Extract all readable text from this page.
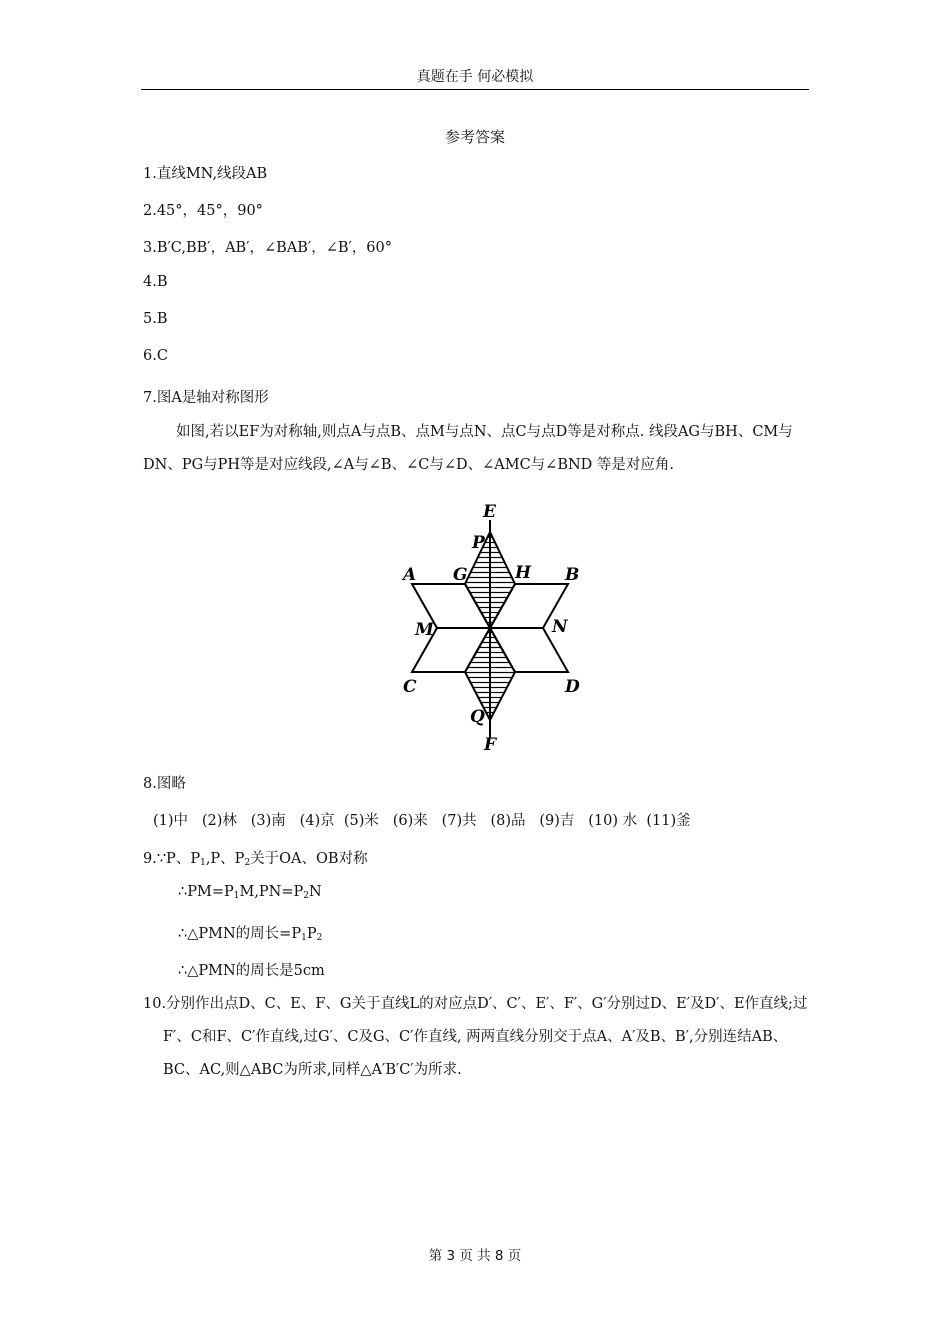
真题在手 何必模拟
参考答案
1.直线MN,线段AB
2.45°，45°，90°
3.B′C,BB′，AB′，∠BAB′，∠B′，60°
4.B
5.B
6.C
7.图A是轴对称图形
如图,若以EF为对称轴,则点A与点B、点M与点N、点C与点D等是对称点. 线段AG与BH、CM与DN、PG与PH等是对应线段,∠A与∠B、∠C与∠D、∠AMC与∠BND 等是对应角.
E
P
G	H
A	B
M	N
C	D
Q
F
8.图略
(1)中 (2)林 (3)南 (4)京 (5)米 (6)来 (7)共 (8)品 (9)吉 (10) 水 (11)釜
9.∵P、$P_1,P$、$P_2$关于OA、OB对称
$\therefore PM=P_1M,PN=P_2N$
∴△PMN的周长$=P_1P_2$
∴△PMN的周长是5cm
10.分别作出点D、C、E、F、G关于直线L的对应点D′、C′、E′、F′、G′分别过D、E′及D′、E作直线;过F′、C和F、C′作直线,过G′、C及G、C′作直线, 两两直线分别交于点A、A′及B、B′,分别连结AB、BC、AC,则△ABC为所求,同样△A′B′C′为所求.
第 3 页 共 8 页
